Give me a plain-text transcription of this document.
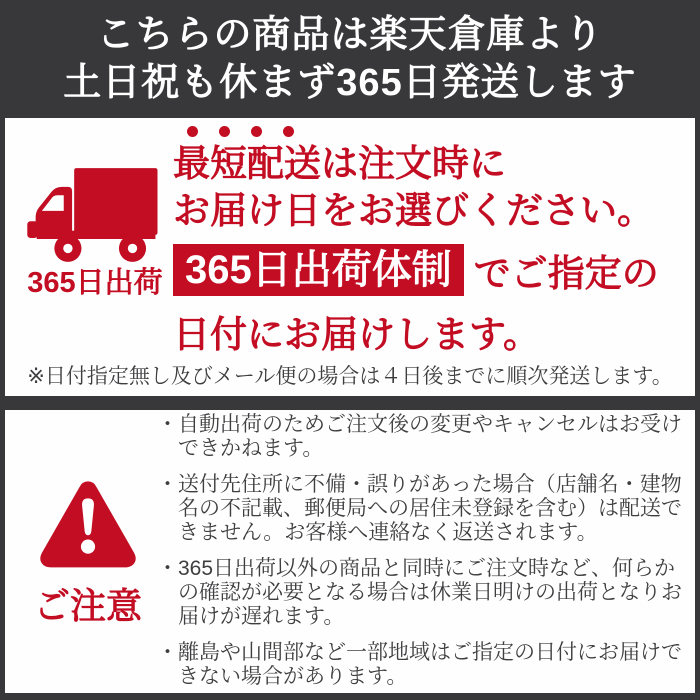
こちらの商品は楽天倉庫より
土日祝も休まず365日発送します
365日出荷
最短配送は注文時に
お届け日をお選びください。
365日出荷体制 でご指定の
日付にお届けします。
※日付指定無し及びメール便の場合は４日後までに順次発送します。
ご注意
・ 自動出荷のためご注文後の変更やキャンセルはお受けできかねます。
・ 送付先住所に不備・誤りがあった場合（店舗名・建物名の不記載、郵便局への居住未登録を含む）は配送できません。お客様へ連絡なく返送されます。
・ 365日出荷以外の商品と同時にご注文時など、何らかの確認が必要となる場合は休業日明けの出荷となりお届けが遅れます。
・ 離島や山間部など一部地域はご指定の日付にお届けできない場合があります。
